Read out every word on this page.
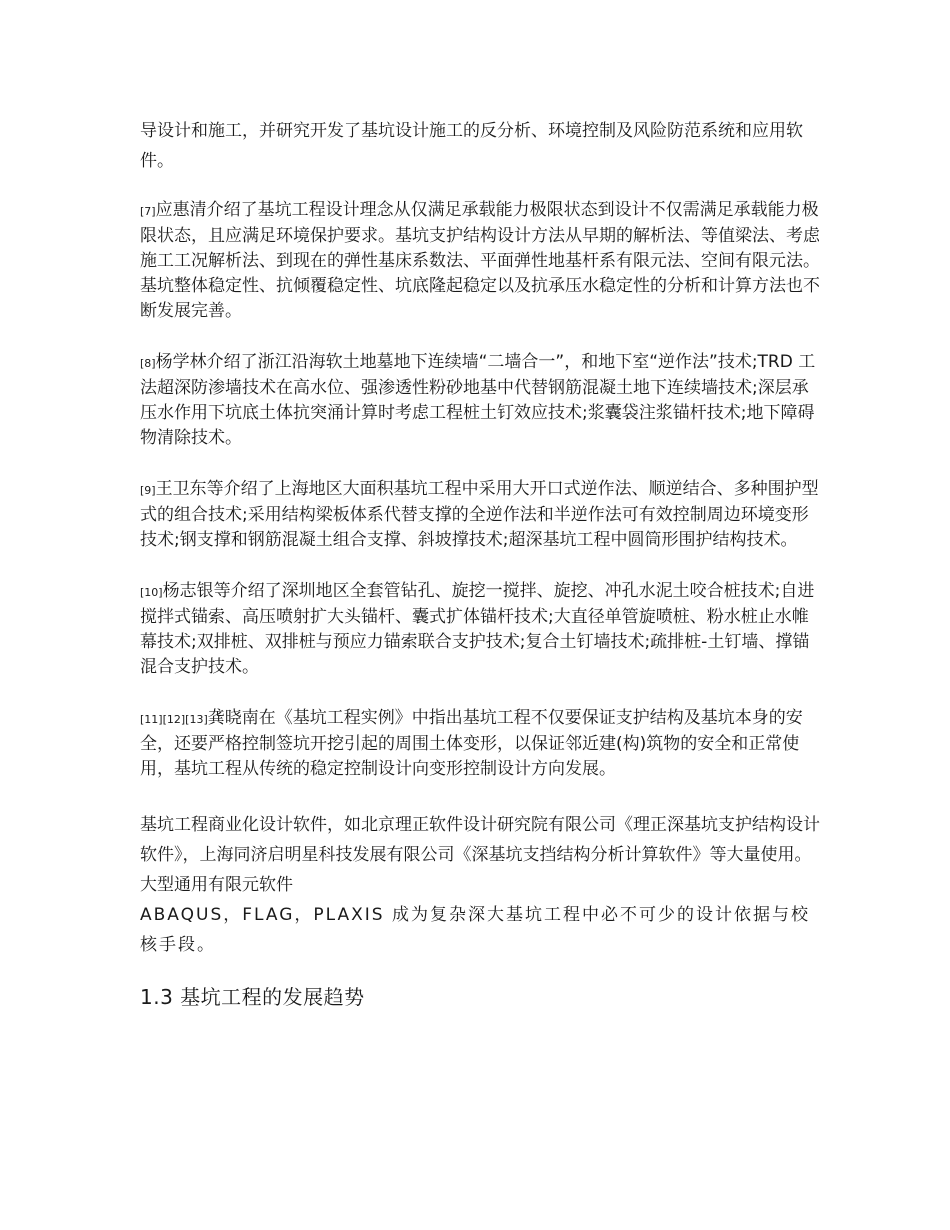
导设计和施工，并研究开发了基坑设计施工的反分析、环境控制及风险防范系统和应用软件。

[7]应惠清介绍了基坑工程设计理念从仅满足承载能力极限状态到设计不仅需满足承载能力极限状态，且应满足环境保护要求。基坑支护结构设计方法从早期的解析法、等值梁法、考虑施工工况解析法、到现在的弹性基床系数法、平面弹性地基杆系有限元法、空间有限元法。基坑整体稳定性、抗倾覆稳定性、坑底隆起稳定以及抗承压水稳定性的分析和计算方法也不断发展完善。

[8]杨学林介绍了浙江沿海软土地墓地下连续墙“二墙合一”，和地下室“逆作法”技术;TRD 工法超深防渗墙技术在高水位、强渗透性粉砂地基中代替钢筋混凝土地下连续墙技术;深层承压水作用下坑底土体抗突涌计算时考虑工程桩土钉效应技术;浆囊袋注浆锚杆技术;地下障碍物清除技术。

[9]王卫东等介绍了上海地区大面积基坑工程中采用大开口式逆作法、顺逆结合、多种围护型式的组合技术;采用结构梁板体系代替支撑的全逆作法和半逆作法可有效控制周边环境变形技术;钢支撑和钢筋混凝土组合支撑、斜坡撑技术;超深基坑工程中圆筒形围护结构技术。

[10]杨志银等介绍了深圳地区全套管钻孔、旋挖一搅拌、旋挖、冲孔水泥土咬合桩技术;自进搅拌式锚索、高压喷射扩大头锚杆、囊式扩体锚杆技术;大直径单管旋喷桩、粉水桩止水帷幕技术;双排桩、双排桩与预应力锚索联合支护技术;复合土钉墙技术;疏排桩-土钉墙、撑锚混合支护技术。

[11][12][13]龚晓南在《基坑工程实例》中指出基坑工程不仅要保证支护结构及基坑本身的安全，还要严格控制签坑开挖引起的周围土体变形，以保证邻近建(构)筑物的安全和正常使用，基坑工程从传统的稳定控制设计向变形控制设计方向发展。

基坑工程商业化设计软件，如北京理正软件设计研究院有限公司《理正深基坑支护结构设计软件》，上海同济启明星科技发展有限公司《深基坑支挡结构分析计算软件》等大量使用。大型通用有限元软件
ABAQUS，FLAG，PLAXIS 成为复杂深大基坑工程中必不可少的设计依据与校核手段。

1.3 基坑工程的发展趋势
